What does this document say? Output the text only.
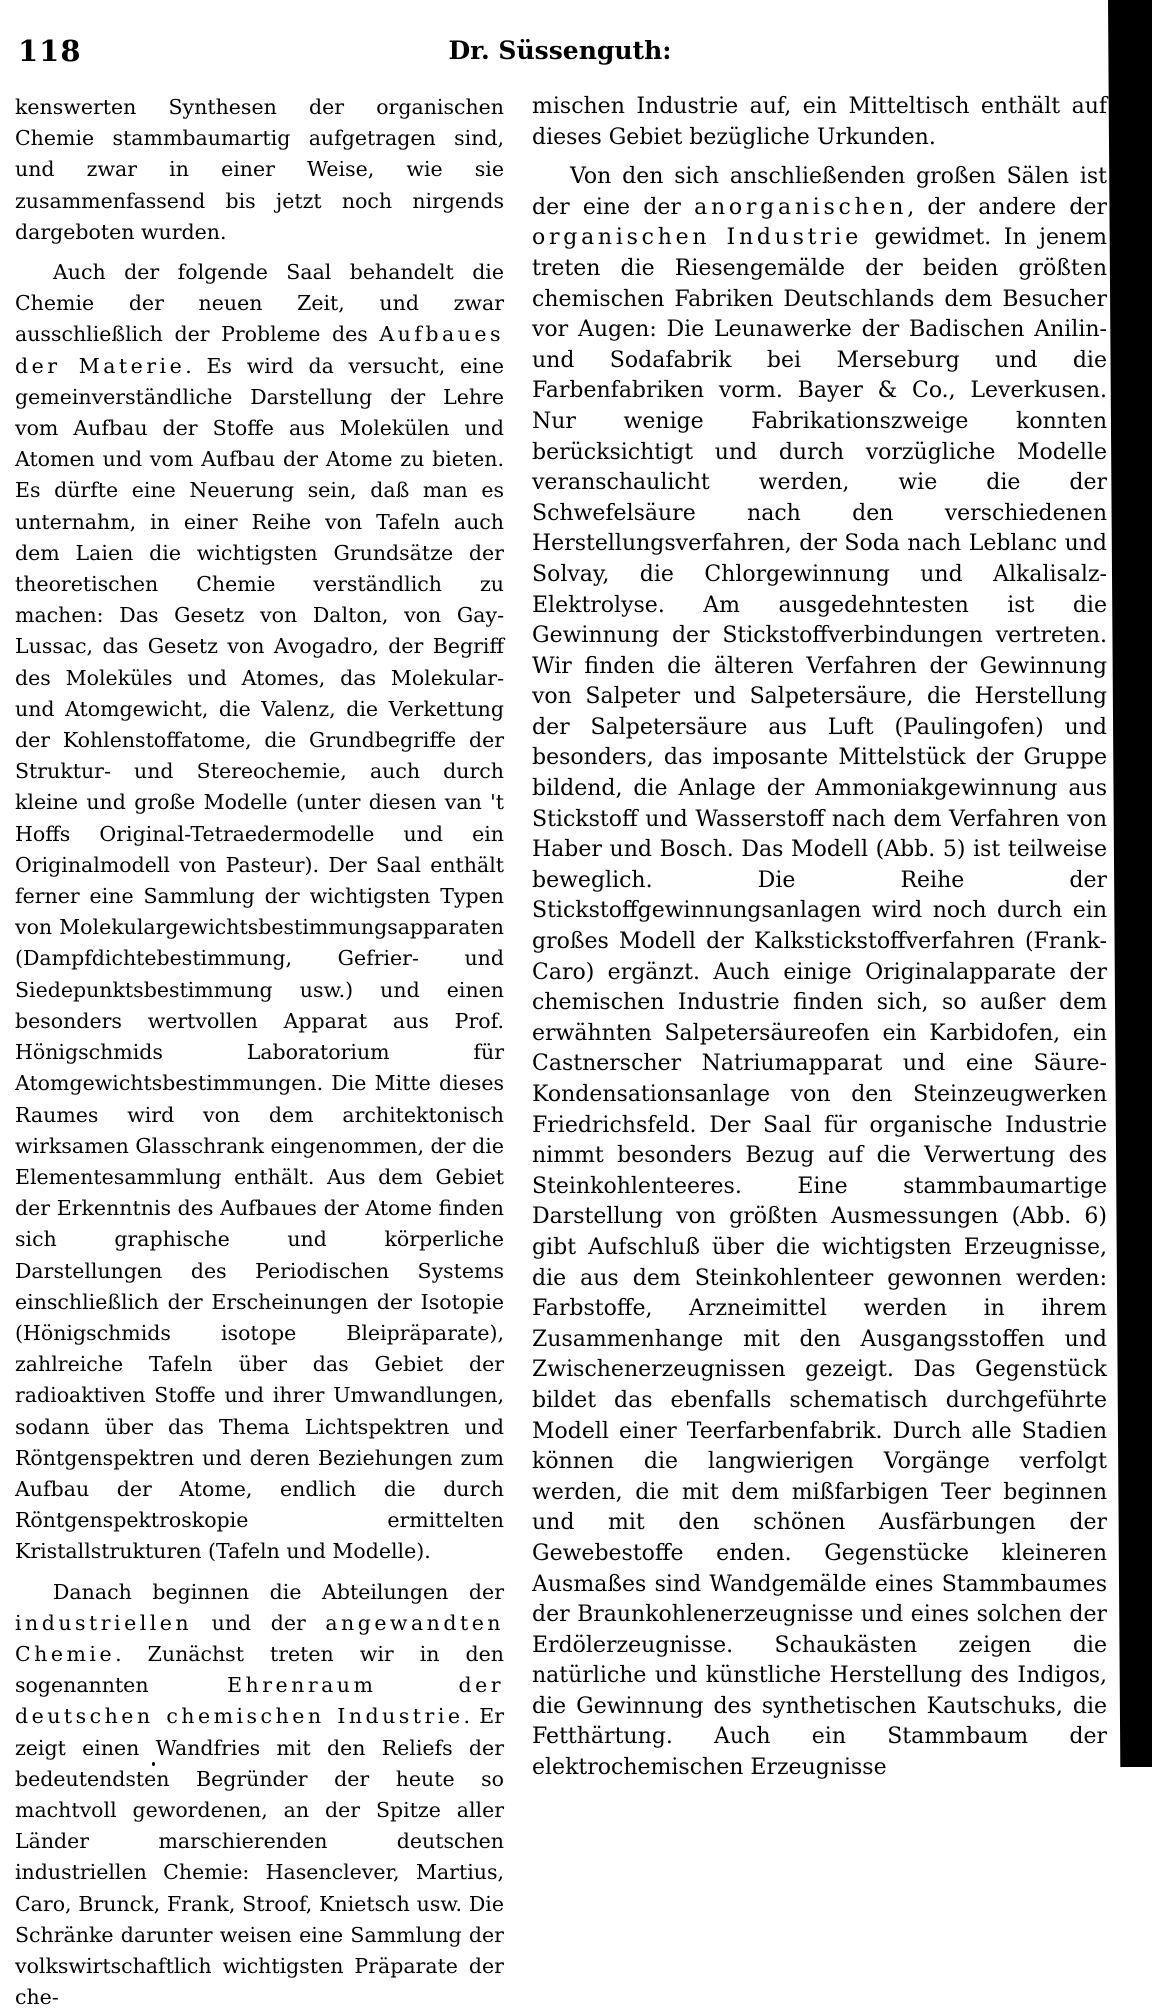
118	Dr. Süssenguth:

kenswerten Synthesen der organischen Chemie stammbaumartig aufgetragen sind, und zwar in einer Weise, wie sie zusammenfassend bis jetzt noch nirgends dargeboten wurden.

Auch der folgende Saal behandelt die Chemie der neuen Zeit, und zwar ausschließlich der Probleme des Aufbaues der Materie. Es wird da versucht, eine gemeinverständliche Darstellung der Lehre vom Aufbau der Stoffe aus Molekülen und Atomen und vom Aufbau der Atome zu bieten. Es dürfte eine Neuerung sein, daß man es unternahm, in einer Reihe von Tafeln auch dem Laien die wichtigsten Grundsätze der theoretischen Chemie verständlich zu machen: Das Gesetz von Dalton, von Gay-Lussac, das Gesetz von Avogadro, der Begriff des Moleküles und Atomes, das Molekular- und Atomgewicht, die Valenz, die Verkettung der Kohlenstoffatome, die Grundbegriffe der Struktur- und Stereochemie, auch durch kleine und große Modelle (unter diesen van 't Hoffs Original-Tetraedermodelle und ein Originalmodell von Pasteur). Der Saal enthält ferner eine Sammlung der wichtigsten Typen von Molekulargewichtsbestimmungsapparaten (Dampfdichtebestimmung, Gefrier- und Siedepunktsbestimmung usw.) und einen besonders wertvollen Apparat aus Prof. Hönigschmids Laboratorium für Atomgewichtsbestimmungen. Die Mitte dieses Raumes wird von dem architektonisch wirksamen Glasschrank eingenommen, der die Elementesammlung enthält. Aus dem Gebiet der Erkenntnis des Aufbaues der Atome finden sich graphische und körperliche Darstellungen des Periodischen Systems einschließlich der Erscheinungen der Isotopie (Hönigschmids isotope Bleipräparate), zahlreiche Tafeln über das Gebiet der radioaktiven Stoffe und ihrer Umwandlungen, sodann über das Thema Lichtspektren und Röntgenspektren und deren Beziehungen zum Aufbau der Atome, endlich die durch Röntgenspektroskopie ermittelten Kristallstrukturen (Tafeln und Modelle).

Danach beginnen die Abteilungen der industriellen und der angewandten Chemie. Zunächst treten wir in den sogenannten Ehrenraum der deutschen chemischen Industrie. Er zeigt einen Wandfries mit den Reliefs der bedeutendsten Begründer der heute so machtvoll gewordenen, an der Spitze aller Länder marschierenden deutschen industriellen Chemie: Hasenclever, Martius, Caro, Brunck, Frank, Stroof, Knietsch usw. Die Schränke darunter weisen eine Sammlung der volkswirtschaftlich wichtigsten Präparate der che-

mischen Industrie auf, ein Mitteltisch enthält auf dieses Gebiet bezügliche Urkunden.

Von den sich anschließenden großen Sälen ist der eine der anorganischen, der andere der organischen Industrie gewidmet. In jenem treten die Riesengemälde der beiden größten chemischen Fabriken Deutschlands dem Besucher vor Augen: Die Leunawerke der Badischen Anilin- und Sodafabrik bei Merseburg und die Farbenfabriken vorm. Bayer & Co., Leverkusen. Nur wenige Fabrikationszweige konnten berücksichtigt und durch vorzügliche Modelle veranschaulicht werden, wie die der Schwefelsäure nach den verschiedenen Herstellungsverfahren, der Soda nach Leblanc und Solvay, die Chlorgewinnung und Alkalisalz-Elektrolyse. Am ausgedehntesten ist die Gewinnung der Stickstoffverbindungen vertreten. Wir finden die älteren Verfahren der Gewinnung von Salpeter und Salpetersäure, die Herstellung der Salpetersäure aus Luft (Paulingofen) und besonders, das imposante Mittelstück der Gruppe bildend, die Anlage der Ammoniakgewinnung aus Stickstoff und Wasserstoff nach dem Verfahren von Haber und Bosch. Das Modell (Abb. 5) ist teilweise beweglich. Die Reihe der Stickstoffgewinnungsanlagen wird noch durch ein großes Modell der Kalkstickstoffverfahren (Frank-Caro) ergänzt. Auch einige Originalapparate der chemischen Industrie finden sich, so außer dem erwähnten Salpetersäureofen ein Karbidofen, ein Castnerscher Natriumapparat und eine Säure-Kondensationsanlage von den Steinzeugwerken Friedrichsfeld. Der Saal für organische Industrie nimmt besonders Bezug auf die Verwertung des Steinkohlenteeres. Eine stammbaumartige Darstellung von größten Ausmessungen (Abb. 6) gibt Aufschluß über die wichtigsten Erzeugnisse, die aus dem Steinkohlenteer gewonnen werden: Farbstoffe, Arzneimittel werden in ihrem Zusammenhange mit den Ausgangsstoffen und Zwischenerzeugnissen gezeigt. Das Gegenstück bildet das ebenfalls schematisch durchgeführte Modell einer Teerfarbenfabrik. Durch alle Stadien können die langwierigen Vorgänge verfolgt werden, die mit dem mißfarbigen Teer beginnen und mit den schönen Ausfärbungen der Gewebestoffe enden. Gegenstücke kleineren Ausmaßes sind Wandgemälde eines Stammbaumes der Braunkohlenerzeugnisse und eines solchen der Erdölerzeugnisse. Schaukästen zeigen die natürliche und künstliche Herstellung des Indigos, die Gewinnung des synthetischen Kautschuks, die Fetthärtung. Auch ein Stammbaum der elektrochemischen Erzeugnisse
